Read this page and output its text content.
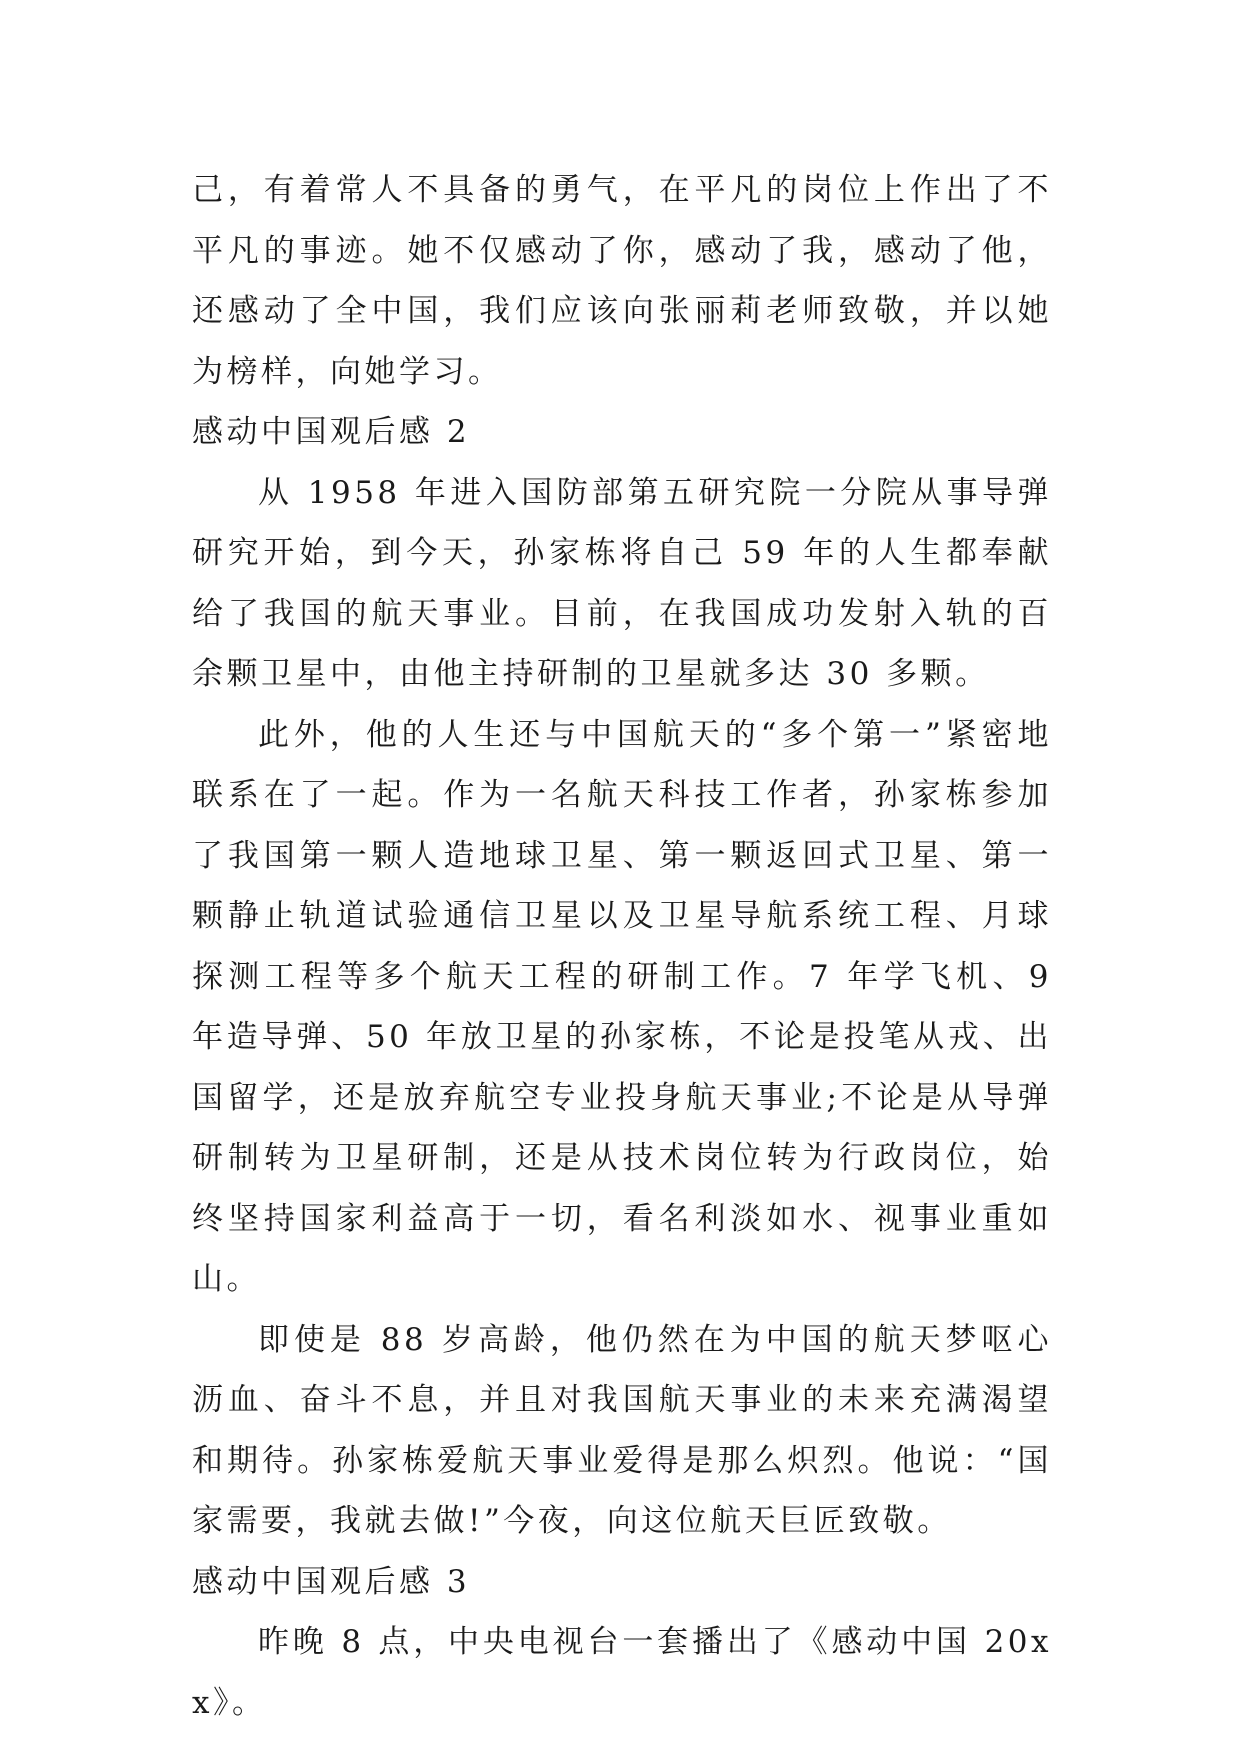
己，有着常人不具备的勇气，在平凡的岗位上作出了不平凡的事迹。她不仅感动了你，感动了我，感动了他，还感动了全中国，我们应该向张丽莉老师致敬，并以她为榜样，向她学习。

感动中国观后感 2

从 1958 年进入国防部第五研究院一分院从事导弹研究开始，到今天，孙家栋将自己 59 年的人生都奉献给了我国的航天事业。目前，在我国成功发射入轨的百余颗卫星中，由他主持研制的卫星就多达 30 多颗。

此外，他的人生还与中国航天的“多个第一”紧密地联系在了一起。作为一名航天科技工作者，孙家栋参加了我国第一颗人造地球卫星、第一颗返回式卫星、第一颗静止轨道试验通信卫星以及卫星导航系统工程、月球探测工程等多个航天工程的研制工作。7 年学飞机、9 年造导弹、50 年放卫星的孙家栋，不论是投笔从戎、出国留学，还是放弃航空专业投身航天事业;不论是从导弹研制转为卫星研制，还是从技术岗位转为行政岗位，始终坚持国家利益高于一切，看名利淡如水、视事业重如山。

即使是 88 岁高龄，他仍然在为中国的航天梦呕心沥血、奋斗不息，并且对我国航天事业的未来充满渴望和期待。孙家栋爱航天事业爱得是那么炽烈。他说：“国家需要，我就去做!”今夜，向这位航天巨匠致敬。

感动中国观后感 3

昨晚 8 点，中央电视台一套播出了《感动中国 20xx》。
